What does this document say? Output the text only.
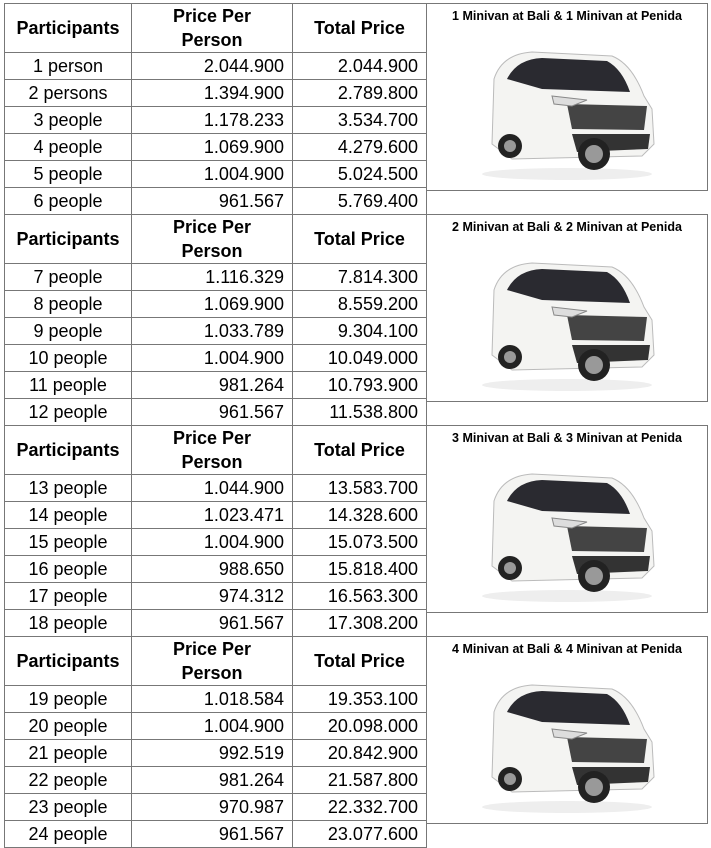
Participants	Price Per Person	Total Price
1 person	2.044.900	2.044.900
2 persons	1.394.900	2.789.800
3 people	1.178.233	3.534.700
4 people	1.069.900	4.279.600
5 people	1.004.900	5.024.500
6 people	961.567	5.769.400
1 Minivan at Bali & 1 Minivan at Penida
Participants	Price Per Person	Total Price
7 people	1.116.329	7.814.300
8 people	1.069.900	8.559.200
9 people	1.033.789	9.304.100
10 people	1.004.900	10.049.000
11 people	981.264	10.793.900
12 people	961.567	11.538.800
2 Minivan at Bali & 2 Minivan at Penida
Participants	Price Per Person	Total Price
13 people	1.044.900	13.583.700
14 people	1.023.471	14.328.600
15 people	1.004.900	15.073.500
16 people	988.650	15.818.400
17 people	974.312	16.563.300
18 people	961.567	17.308.200
3 Minivan at Bali & 3 Minivan at Penida
Participants	Price Per Person	Total Price
19 people	1.018.584	19.353.100
20 people	1.004.900	20.098.000
21 people	992.519	20.842.900
22 people	981.264	21.587.800
23 people	970.987	22.332.700
24 people	961.567	23.077.600
4 Minivan at Bali & 4 Minivan at Penida
